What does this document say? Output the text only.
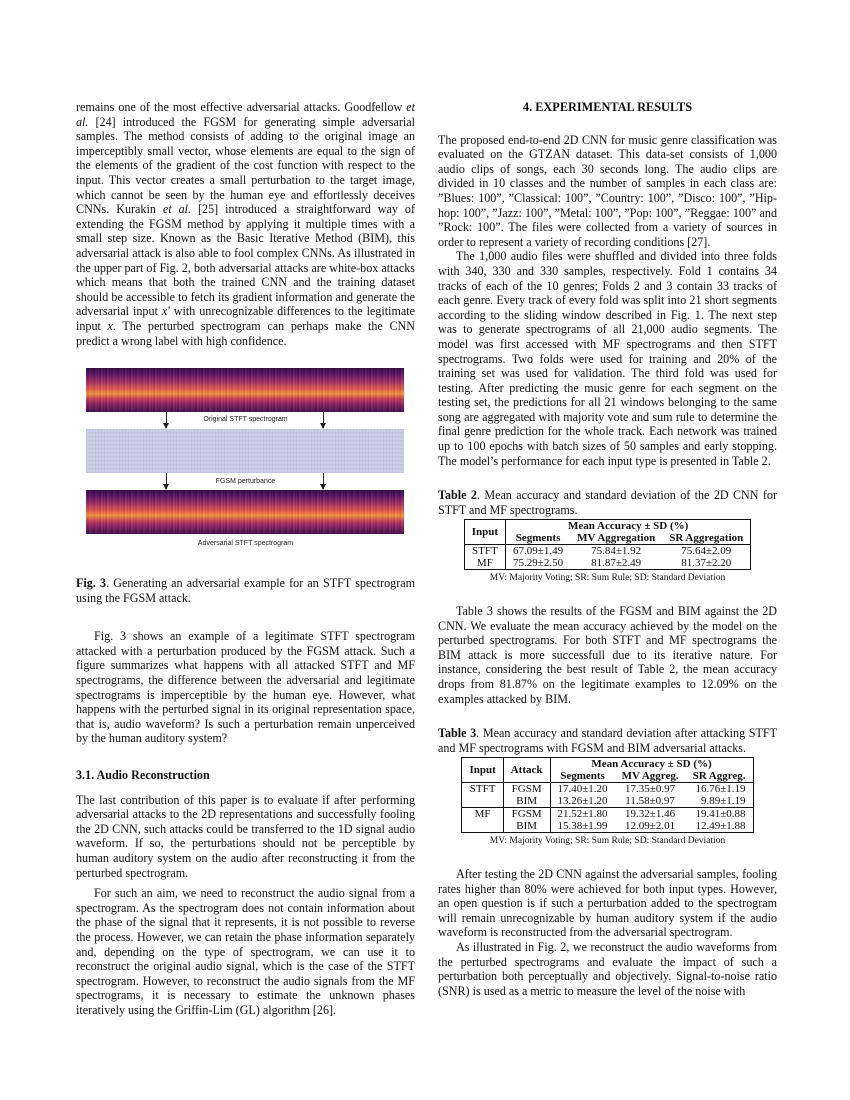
remains one of the most effective adversarial attacks. Goodfellow et al. [24] introduced the FGSM for generating simple adversarial samples. The method consists of adding to the original image an imperceptibly small vector, whose elements are equal to the sign of the elements of the gradient of the cost function with respect to the input. This vector creates a small perturbation to the target image, which cannot be seen by the human eye and effortlessly deceives CNNs. Kurakin et al. [25] introduced a straightforward way of extending the FGSM method by applying it multiple times with a small step size. Known as the Basic Iterative Method (BIM), this adversarial attack is also able to fool complex CNNs. As illustrated in the upper part of Fig. 2, both adversarial attacks are white-box attacks which means that both the trained CNN and the training dataset should be accessible to fetch its gradient information and generate the adversarial input x′ with unrecognizable differences to the legitimate input x. The perturbed spectrogram can perhaps make the CNN predict a wrong label with high confidence.

Original STFT spectrogram
FGSM perturbance
Adversarial STFT spectrogram

Fig. 3. Generating an adversarial example for an STFT spectrogram using the FGSM attack.

Fig. 3 shows an example of a legitimate STFT spectrogram attacked with a perturbation produced by the FGSM attack. Such a figure summarizes what happens with all attacked STFT and MF spectrograms, the difference between the adversarial and legitimate spectrograms is imperceptible by the human eye. However, what happens with the perturbed signal in its original representation space, that is, audio waveform? Is such a perturbation remain unperceived by the human auditory system?

3.1. Audio Reconstruction

The last contribution of this paper is to evaluate if after performing adversarial attacks to the 2D representations and successfully fooling the 2D CNN, such attacks could be transferred to the 1D signal audio waveform. If so, the perturbations should not be perceptible by human auditory system on the audio after reconstructing it from the perturbed spectrogram.

For such an aim, we need to reconstruct the audio signal from a spectrogram. As the spectrogram does not contain information about the phase of the signal that it represents, it is not possible to reverse the process. However, we can retain the phase information separately and, depending on the type of spectrogram, we can use it to reconstruct the original audio signal, which is the case of the STFT spectrogram. However, to reconstruct the audio signals from the MF spectrograms, it is necessary to estimate the unknown phases iteratively using the Griffin-Lim (GL) algorithm [26].

4. EXPERIMENTAL RESULTS

The proposed end-to-end 2D CNN for music genre classification was evaluated on the GTZAN dataset. This data-set consists of 1,000 audio clips of songs, each 30 seconds long. The audio clips are divided in 10 classes and the number of samples in each class are: ”Blues: 100”, ”Classical: 100”, ”Country: 100”, ”Disco: 100”, ”Hip-hop: 100”, ”Jazz: 100”, ”Metal: 100”, ”Pop: 100”, ”Reggae: 100” and ”Rock: 100”. The files were collected from a variety of sources in order to represent a variety of recording conditions [27].

The 1,000 audio files were shuffled and divided into three folds with 340, 330 and 330 samples, respectively. Fold 1 contains 34 tracks of each of the 10 genres; Folds 2 and 3 contain 33 tracks of each genre. Every track of every fold was split into 21 short segments according to the sliding window described in Fig. 1. The next step was to generate spectrograms of all 21,000 audio segments. The model was first accessed with MF spectrograms and then STFT spectrograms. Two folds were used for training and 20% of the training set was used for validation. The third fold was used for testing. After predicting the music genre for each segment on the testing set, the predictions for all 21 windows belonging to the same song are aggregated with majority vote and sum rule to determine the final genre prediction for the whole track. Each network was trained up to 100 epochs with batch sizes of 50 samples and early stopping. The model’s performance for each input type is presented in Table 2.

Table 2. Mean accuracy and standard deviation of the 2D CNN for STFT and MF spectrograms.

Input	Mean Accuracy ± SD (%)		
	Segments	MV Aggregation	SR Aggregation
STFT	67.09±1.49	75.84±1.92	75.64±2.09
MF	75.29±2.50	81.87±2.49	81.37±2.20
MV: Majority Voting; SR: Sum Rule; SD: Standard Deviation

Table 3 shows the results of the FGSM and BIM against the 2D CNN. We evaluate the mean accuracy achieved by the model on the perturbed spectrograms. For both STFT and MF spectrograms the BIM attack is more successfull due to its iterative nature. For instance, considering the best result of Table 2, the mean accuracy drops from 81.87% on the legitimate examples to 12.09% on the examples attacked by BIM.

Table 3. Mean accuracy and standard deviation after attacking STFT and MF spectrograms with FGSM and BIM adversarial attacks.

Input	Attack	Mean Accuracy ± SD (%)		
		Segments	MV Aggreg.	SR Aggreg.
STFT	FGSM	17.40±1.20	17.35±0.97	16.76±1.19
	BIM	13.26±1.20	11.58±0.97	9.89±1.19
MF	FGSM	21.52±1.80	19.32±1.46	19.41±0.88
	BIM	15.38±1.99	12.09±2.01	12.49±1.88
MV: Majority Voting; SR: Sum Rule; SD: Standard Deviation

After testing the 2D CNN against the adversarial samples, fooling rates higher than 80% were achieved for both input types. However, an open question is if such a perturbation added to the spectrogram will remain unrecognizable by human auditory system if the audio waveform is reconstructed from the adversarial spectrogram.

As illustrated in Fig. 2, we reconstruct the audio waveforms from the perturbed spectrograms and evaluate the impact of such a perturbation both perceptually and objectively. Signal-to-noise ratio (SNR) is used as a metric to measure the level of the noise with
